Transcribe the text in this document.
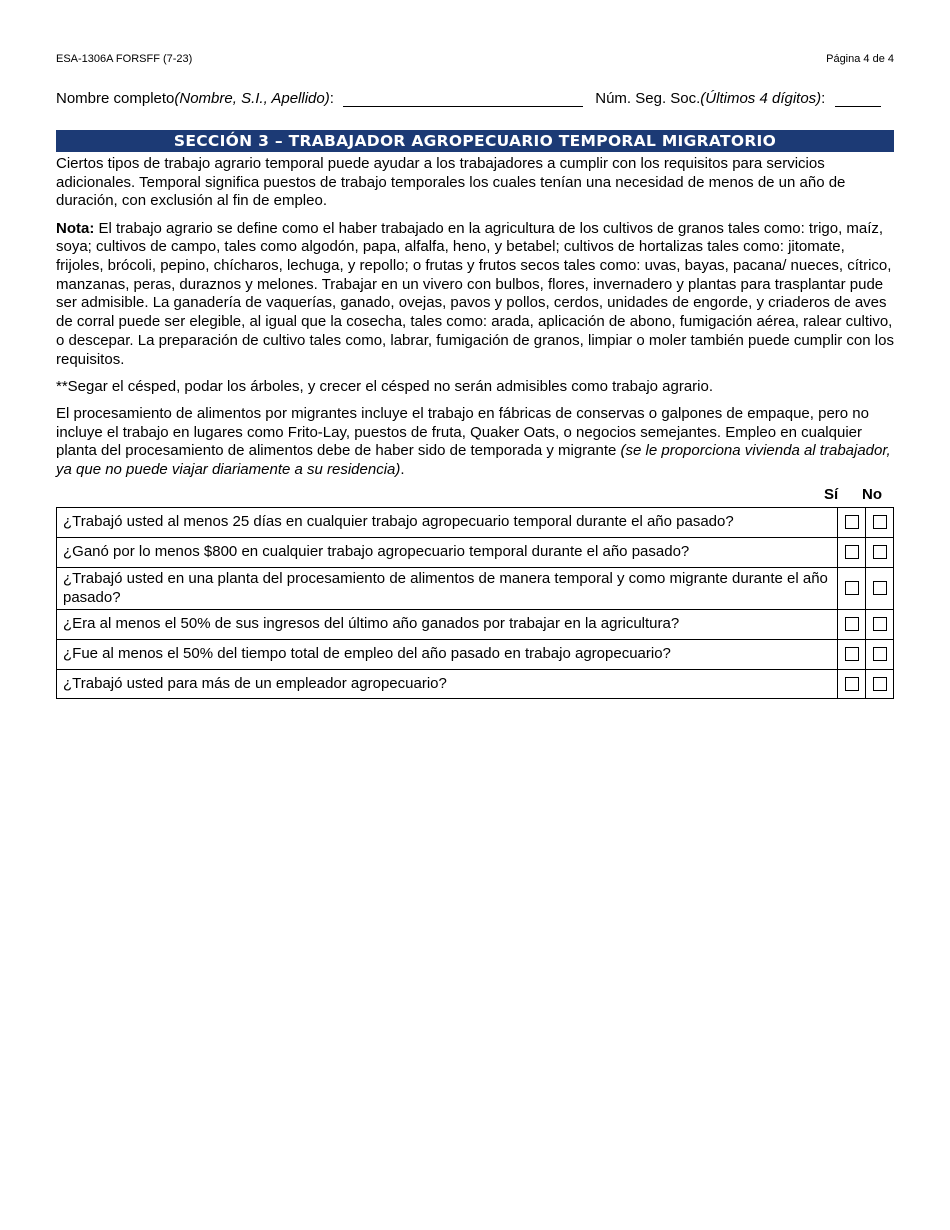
ESA-1306A FORSFF (7-23)	Página 4 de 4
Nombre completo(Nombre, S.I., Apellido):	Núm. Seg. Soc.(Últimos 4 dígitos):
SECCIÓN 3 – TRABAJADOR AGROPECUARIO TEMPORAL MIGRATORIO

Ciertos tipos de trabajo agrario temporal puede ayudar a los trabajadores a cumplir con los requisitos para servicios adicionales. Temporal significa puestos de trabajo temporales los cuales tenían una necesidad de menos de un año de duración, con exclusión al fin de empleo.

Nota: El trabajo agrario se define como el haber trabajado en la agricultura de los cultivos de granos tales como: trigo, maíz, soya; cultivos de campo, tales como algodón, papa, alfalfa, heno, y betabel; cultivos de hortalizas tales como: jitomate, frijoles, brócoli, pepino, chícharos, lechuga, y repollo; o frutas y frutos secos tales como: uvas, bayas, pacana/ nueces, cítrico, manzanas, peras, duraznos y melones. Trabajar en un vivero con bulbos, flores, invernadero y plantas para trasplantar pude ser admisible. La ganadería de vaquerías, ganado, ovejas, pavos y pollos, cerdos, unidades de engorde, y criaderos de aves de corral puede ser elegible, al igual que la cosecha, tales como: arada, aplicación de abono, fumigación aérea, ralear cultivo, o descepar. La preparación de cultivo tales como, labrar, fumigación de granos, limpiar o moler también puede cumplir con los requisitos.

**Segar el césped, podar los árboles, y crecer el césped no serán admisibles como trabajo agrario.

El procesamiento de alimentos por migrantes incluye el trabajo en fábricas de conservas o galpones de empaque, pero no incluye el trabajo en lugares como Frito-Lay, puestos de fruta, Quaker Oats, o negocios semejantes. Empleo en cualquier planta del procesamiento de alimentos debe de haber sido de temporada y migrante (se le proporciona vivienda al trabajador, ya que no puede viajar diariamente a su residencia).

Sí No
¿Trabajó usted al menos 25 días en cualquier trabajo agropecuario temporal durante el año pasado?		
¿Ganó por lo menos $800 en cualquier trabajo agropecuario temporal durante el año pasado?		
¿Trabajó usted en una planta del procesamiento de alimentos de manera temporal y como migrante durante el año pasado?		
¿Era al menos el 50% de sus ingresos del último año ganados por trabajar en la agricultura?		
¿Fue al menos el 50% del tiempo total de empleo del año pasado en trabajo agropecuario?		
¿Trabajó usted para más de un empleador agropecuario?		
